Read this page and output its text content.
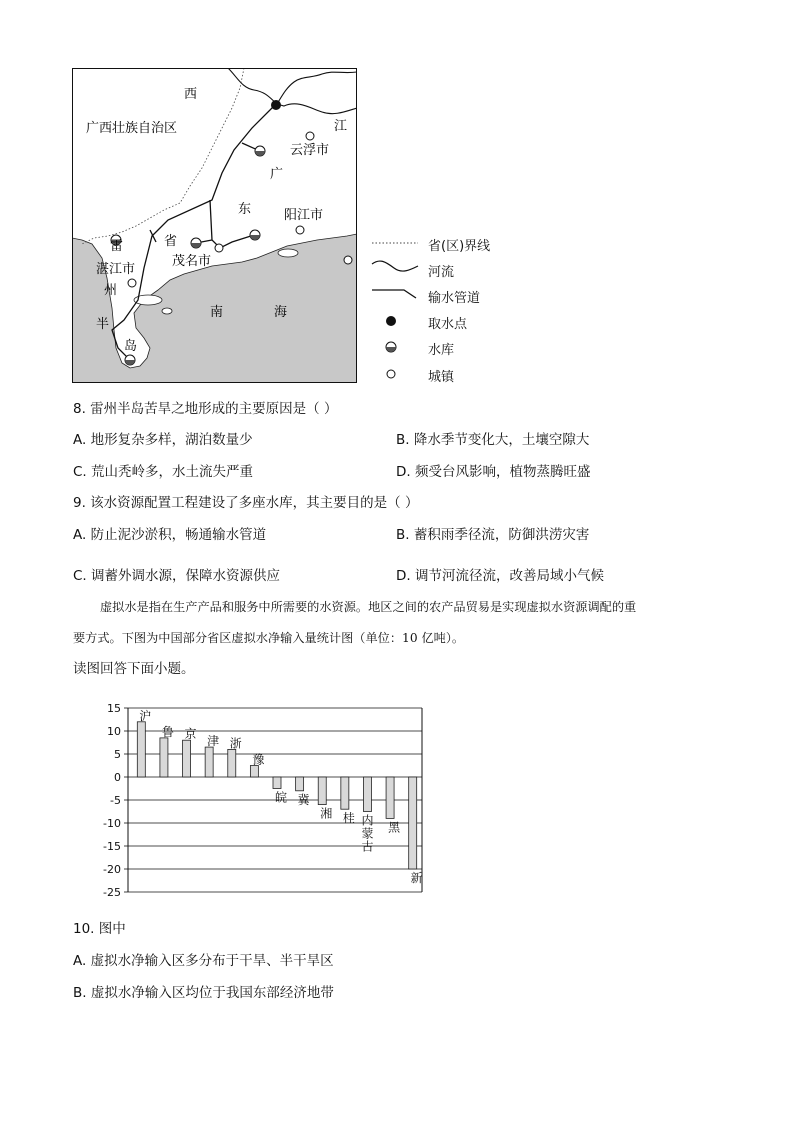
西
广西壮族自治区	江
云浮市
广
东	阳江市
雷	省
湛江市
茂名市
州
半
岛
南	海
省(区)界线
河流
输水管道
取水点
水库
城镇
8. 雷州半岛苦旱之地形成的主要原因是（ ）
A. 地形复杂多样，湖泊数量少	B. 降水季节变化大，土壤空隙大
C. 荒山秃岭多，水土流失严重	D. 频受台风影响，植物蒸腾旺盛
9. 该水资源配置工程建设了多座水库，其主要目的是（ ）
A. 防止泥沙淤积，畅通输水管道	B. 蓄积雨季径流，防御洪涝灾害
C. 调蓄外调水源，保障水资源供应	D. 调节河流径流，改善局域小气候
虚拟水是指在生产产品和服务中所需要的水资源。地区之间的农产品贸易是实现虚拟水资源调配的重
要方式。下图为中国部分省区虚拟水净输入量统计图（单位：10 亿吨）。
读图回答下面小题。
15
10
5
0
-5
-10
-15
-20
-25
沪
鲁 京 津 浙
豫
皖 冀
湘 桂 内
蒙
古
黑
新
10. 图中
A. 虚拟水净输入区多分布于干旱、半干旱区
B. 虚拟水净输入区均位于我国东部经济地带
